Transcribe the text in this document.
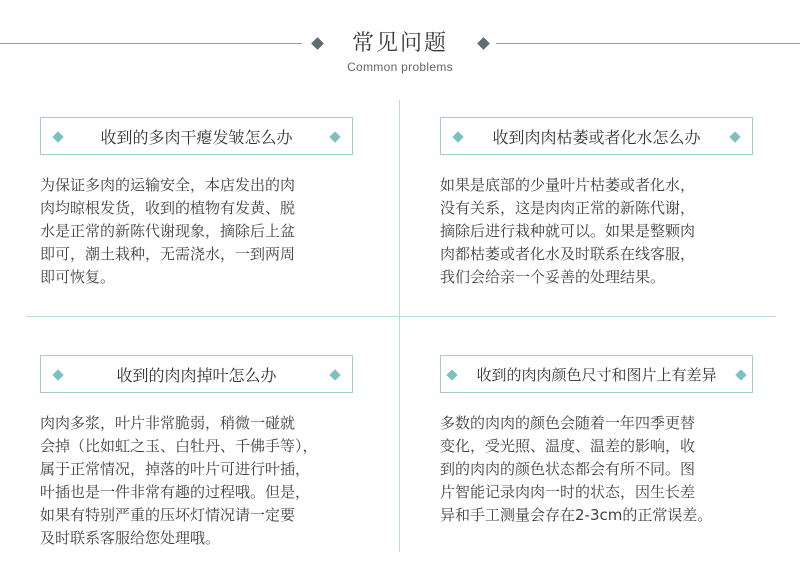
常见问题
Common problems
收到的多肉干瘪发皱怎么办
为保证多肉的运输安全，本店发出的肉
肉均晾根发货，收到的植物有发黄、脱
水是正常的新陈代谢现象，摘除后上盆
即可，潮土栽种，无需浇水，一到两周
即可恢复。
收到肉肉枯萎或者化水怎么办
如果是底部的少量叶片枯萎或者化水，
没有关系，这是肉肉正常的新陈代谢，
摘除后进行栽种就可以。如果是整颗肉
肉都枯萎或者化水及时联系在线客服，
我们会给亲一个妥善的处理结果。
收到的肉肉掉叶怎么办
肉肉多浆，叶片非常脆弱，稍微一碰就
会掉（比如虹之玉、白牡丹、千佛手等），
属于正常情况，掉落的叶片可进行叶插，
叶插也是一件非常有趣的过程哦。但是，
如果有特别严重的压坏灯情况请一定要
及时联系客服给您处理哦。
收到的肉肉颜色尺寸和图片上有差异
多数的肉肉的颜色会随着一年四季更替
变化，受光照、温度、温差的影响，收
到的肉肉的颜色状态都会有所不同。图
片智能记录肉肉一时的状态，因生长差
异和手工测量会存在2-3cm的正常误差。
